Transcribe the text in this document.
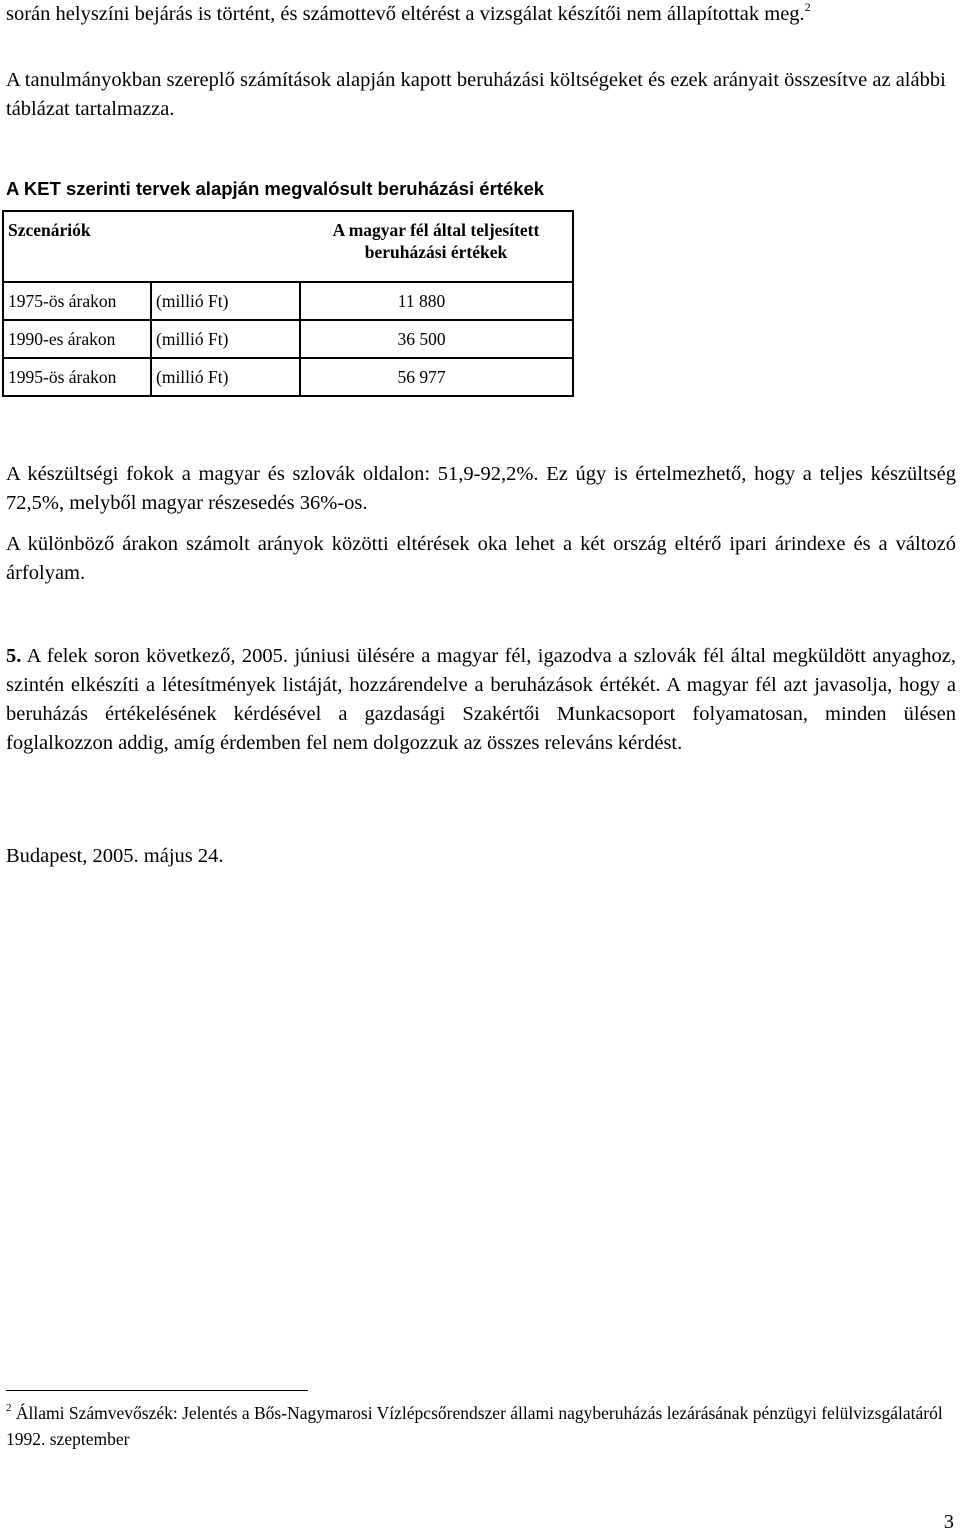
során helyszíni bejárás is történt, és számottevő eltérést a vizsgálat készítői nem állapítottak meg.$^2$

A tanulmányokban szereplő számítások alapján kapott beruházási költségeket és ezek arányait összesítve az alábbi táblázat tartalmazza.

A KET szerinti tervek alapján megvalósult beruházási értékek
Szcenáriók		A magyar fél által teljesített beruházási értékek
1975-ös árakon	(millió Ft)	11 880
1990-es árakon	(millió Ft)	36 500
1995-ös árakon	(millió Ft)	56 977

A készültségi fokok a magyar és szlovák oldalon: 51,9-92,2%. Ez úgy is értelmezhető, hogy a teljes készültség 72,5%, melyből magyar részesedés 36%-os.

A különböző árakon számolt arányok közötti eltérések oka lehet a két ország eltérő ipari árindexe és a változó árfolyam.

5. A felek soron következő, 2005. júniusi ülésére a magyar fél, igazodva a szlovák fél által megküldött anyaghoz, szintén elkészíti a létesítmények listáját, hozzárendelve a beruházások értékét. A magyar fél azt javasolja, hogy a beruházás értékelésének kérdésével a gazdasági Szakértői Munkacsoport folyamatosan, minden ülésen foglalkozzon addig, amíg érdemben fel nem dolgozzuk az összes releváns kérdést.

Budapest, 2005. május 24.

$^2$ Állami Számvevőszék: Jelentés a Bős-Nagymarosi Vízlépcsőrendszer állami nagyberuházás lezárásának pénzügyi felülvizsgálatáról 1992. szeptember
3
